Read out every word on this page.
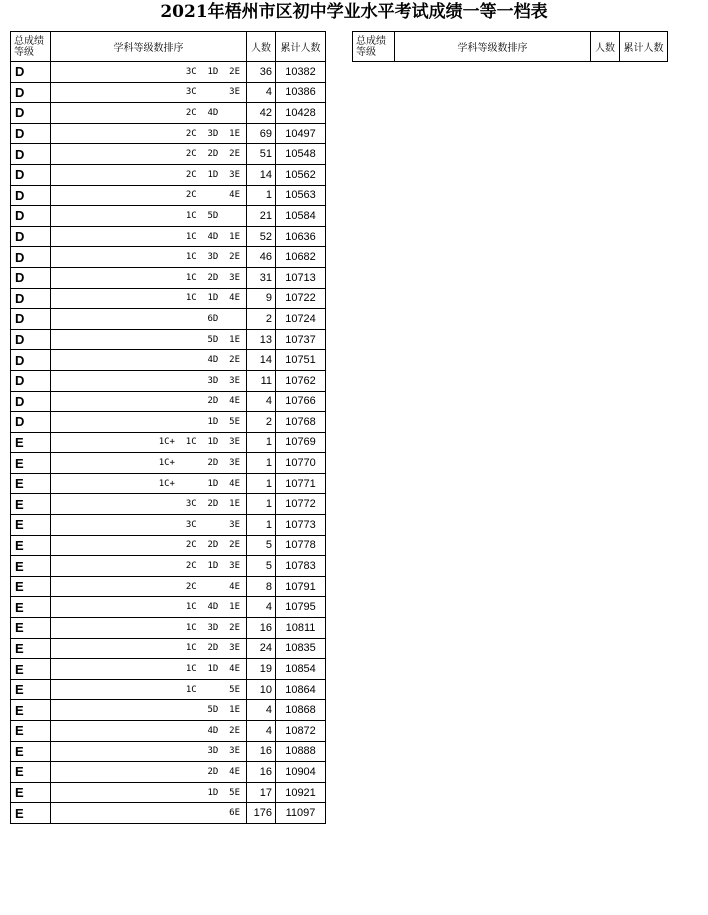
2021年梧州市区初中学业水平考试成绩一等一档表
总成绩
等级	学科等级数排序	人数	累计人数
D	3C  1D  2E	36	10382
D	3C      3E	4	10386
D	2C  4D	42	10428
D	2C  3D  1E	69	10497
D	2C  2D  2E	51	10548
D	2C  1D  3E	14	10562
D	2C      4E	1	10563
D	1C  5D	21	10584
D	1C  4D  1E	52	10636
D	1C  3D  2E	46	10682
D	1C  2D  3E	31	10713
D	1C  1D  4E	9	10722
D	6D	2	10724
D	5D  1E	13	10737
D	4D  2E	14	10751
D	3D  3E	11	10762
D	2D  4E	4	10766
D	1D  5E	2	10768
E	1C+  1C  1D  3E	1	10769
E	1C+      2D  3E	1	10770
E	1C+      1D  4E	1	10771
E	3C  2D  1E	1	10772
E	3C      3E	1	10773
E	2C  2D  2E	5	10778
E	2C  1D  3E	5	10783
E	2C      4E	8	10791
E	1C  4D  1E	4	10795
E	1C  3D  2E	16	10811
E	1C  2D  3E	24	10835
E	1C  1D  4E	19	10854
E	1C      5E	10	10864
E	5D  1E	4	10868
E	4D  2E	4	10872
E	3D  3E	16	10888
E	2D  4E	16	10904
E	1D  5E	17	10921
E	6E	176	11097
总成绩
等级	学科等级数排序	人数	累计人数
